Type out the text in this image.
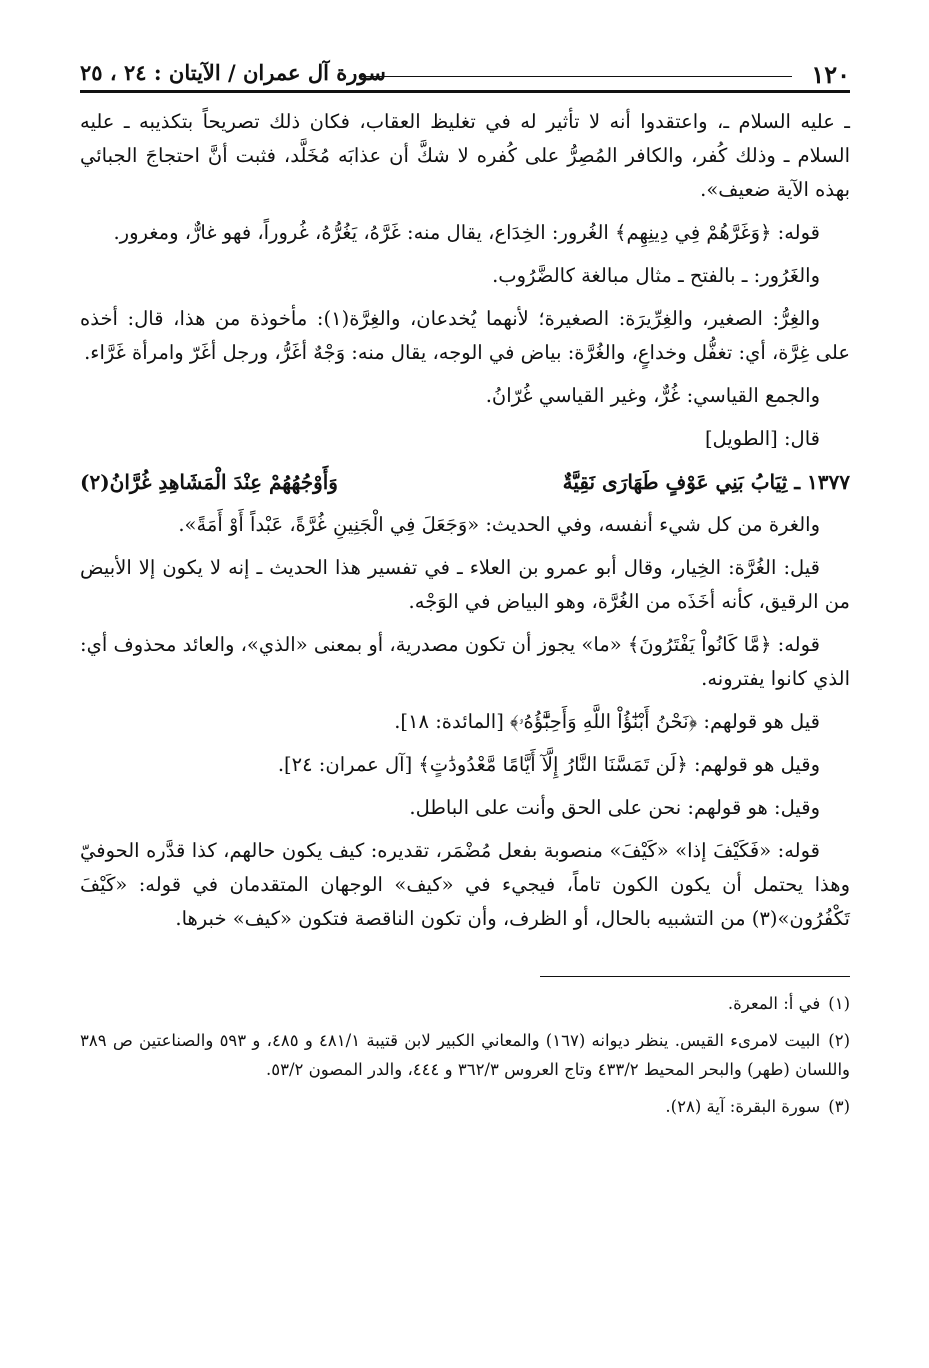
١٢٠
سورة آل عمران / الآيتان : ٢٤ ، ٢٥

ـ عليه السلام ـ، واعتقدوا أنه لا تأثير له في تغليظ العقاب، فكان ذلك تصريحاً بتكذيبه ـ عليه السلام ـ وذلك كُفر، والكافر المُصِرُّ على كُفره لا شكَّ أن عذابَه مُخَلَّد، فثبت أنَّ احتجاجَ الجبائي بهذه الآية ضعيف».

قوله: ﴿وَغَرَّهُمْ فِي دِينِهِم﴾ الغُرور: الخِدَاع، يقال منه: غَرَّهُ، يَغُرُّهُ، غُروراً، فهو غارٌّ، ومغرور.

والغَرُور: ـ بالفتح ـ مثال مبالغة كالضَّرُوب.

والغِرُّ: الصغير، والغِرِّيرَة: الصغيرة؛ لأنهما يُخدعان، والغِرَّة(١): مأخوذة من هذا، قال: أخذه على غِرَّة، أي: تغفُّل وخداعٍ، والغُرَّة: بياض في الوجه، يقال منه: وَجْهٌ أغَرُّ، ورجل أغَرّ وامرأة غَرَّاء.

والجمع القياسي: غُرٌّ، وغير القياسي غُرّانُ.

قال: [الطويل]

١٣٧٧ ـ ثِيَابُ بَنِي عَوْفٍ طَهَارَى نَقِيَّةٌ
وَأَوْجُهُهُمْ عِنْدَ الْمَشَاهِدِ غُرَّانُ(٢)

والغرة من كل شيء أنفسه، وفي الحديث: «وَجَعَلَ فِي الْجَنِينِ غُرَّةً، عَبْداً أَوْ أَمَةً».

قيل: الغُرَّة: الخِيار، وقال أبو عمرو بن العلاء ـ في تفسير هذا الحديث ـ إنه لا يكون إلا الأبيض من الرقيق، كأنه أخَذَه من الغُرَّة، وهو البياض في الوَجْه.

قوله: ﴿مَّا كَانُواْ يَفْتَرُونَ﴾ «ما» يجوز أن تكون مصدرية، أو بمعنى «الذي»، والعائد محذوف أي: الذي كانوا يفترونه.

قيل هو قولهم: ﴿نَحْنُ أَبْنَٰٓؤُاْ اللَّهِ وَأَحِبَّٰٓؤُهُۥ﴾ [المائدة: ١٨].

وقيل هو قولهم: ﴿لَن تَمَسَّنَا النَّارُ إِلَّآ أَيَّامًا مَّعْدُودَٰتٍ﴾ [آل عمران: ٢٤].

وقيل: هو قولهم: نحن على الحق وأنت على الباطل.

قوله: «فَكَيْفَ إذا» «كَيْفَ» منصوبة بفعل مُضْمَر، تقديره: كيف يكون حالهم، كذا قدَّره الحوفيّ وهذا يحتمل أن يكون الكون تاماً، فيجيء في «كيف» الوجهان المتقدمان في قوله: «كَيْفَ تَكْفُرُون»(٣) من التشبيه بالحال، أو الظرف، وأن تكون الناقصة فتكون «كيف» خبرها.

(١)في أ: المعرة.

(٢)البيت لامرىء القيس. ينظر ديوانه (١٦٧) والمعاني الكبير لابن قتيبة ٤٨١/١ و ٤٨٥، و ٥٩٣ والصناعتين ص ٣٨٩ واللسان (طهر) والبحر المحيط ٤٣٣/٢ وتاج العروس ٣٦٢/٣ و ٤٤٤، والدر المصون ٥٣/٢.

(٣)سورة البقرة: آية (٢٨).
